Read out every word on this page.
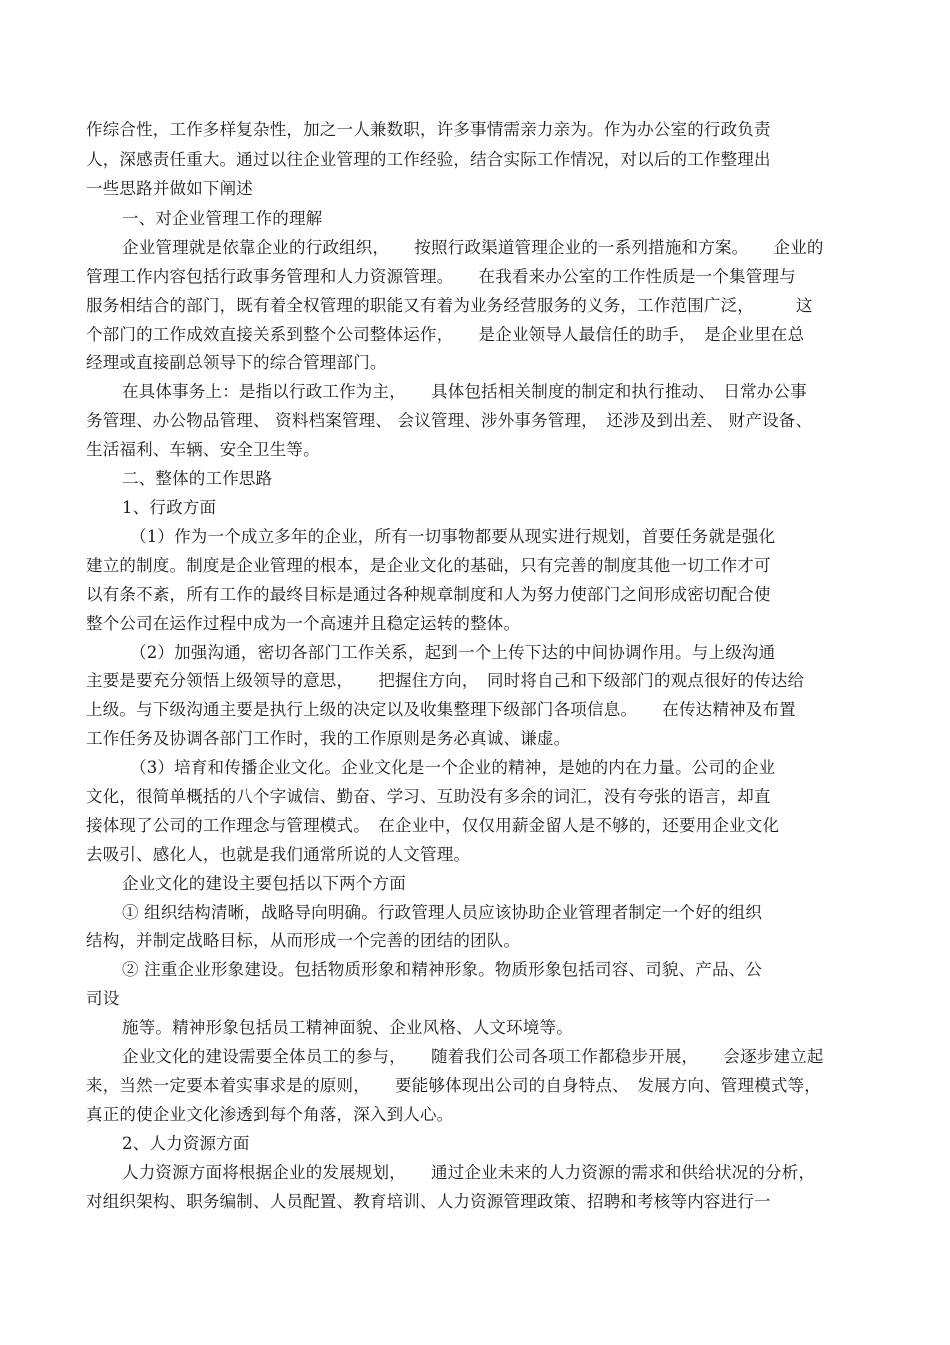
作综合性，工作多样复杂性，加之一人兼数职，许多事情需亲力亲为。作为办公室的行政负责
人，深感责任重大。通过以往企业管理的工作经验，结合实际工作情况，对以后的工作整理出
一些思路并做如下阐述
一、对企业管理工作的理解
企业管理就是依靠企业的行政组织，　　按照行政渠道管理企业的一系列措施和方案。　　企业的
管理工作内容包括行政事务管理和人力资源管理。　　在我看来办公室的工作性质是一个集管理与
服务相结合的部门，既有着全权管理的职能又有着为业务经营服务的义务，工作范围广泛，　　　这
个部门的工作成效直接关系到整个公司整体运作，　　是企业领导人最信任的助手，　是企业里在总
经理或直接副总领导下的综合管理部门。
在具体事务上：是指以行政工作为主，　　具体包括相关制度的制定和执行推动、　日常办公事
务管理、办公物品管理、 资料档案管理、 会议管理、涉外事务管理，　还涉及到出差、 财产设备、
生活福利、车辆、安全卫生等。
二、整体的工作思路
1、行政方面
（1）作为一个成立多年的企业，所有一切事物都要从现实进行规划，首要任务就是强化
建立的制度。制度是企业管理的根本，是企业文化的基础，只有完善的制度其他一切工作才可
以有条不紊，所有工作的最终目标是通过各种规章制度和人为努力使部门之间形成密切配合使
整个公司在运作过程中成为一个高速并且稳定运转的整体。
（2）加强沟通，密切各部门工作关系，起到一个上传下达的中间协调作用。与上级沟通
主要是要充分领悟上级领导的意思，　　把握住方向，　同时将自己和下级部门的观点很好的传达给
上级。与下级沟通主要是执行上级的决定以及收集整理下级部门各项信息。　　在传达精神及布置
工作任务及协调各部门工作时，我的工作原则是务必真诚、谦虚。
（3）培育和传播企业文化。企业文化是一个企业的精神，是她的内在力量。公司的企业
文化，很简单概括的八个字诚信、勤奋、学习、互助没有多余的词汇，没有夸张的语言，却直
接体现了公司的工作理念与管理模式。　在企业中，仅仅用薪金留人是不够的，还要用企业文化
去吸引、感化人，也就是我们通常所说的人文管理。
企业文化的建设主要包括以下两个方面
① 组织结构清晰，战略导向明确。行政管理人员应该协助企业管理者制定一个好的组织
结构，并制定战略目标，从而形成一个完善的团结的团队。
② 注重企业形象建设。包括物质形象和精神形象。物质形象包括司容、司貌、产品、公
司设
施等。精神形象包括员工精神面貌、企业风格、人文环境等。
企业文化的建设需要全体员工的参与，　　随着我们公司各项工作都稳步开展，　　会逐步建立起
来，当然一定要本着实事求是的原则，　　要能够体现出公司的自身特点、　发展方向、管理模式等，
真正的使企业文化渗透到每个角落，深入到人心。
2、人力资源方面
人力资源方面将根据企业的发展规划，　　通过企业未来的人力资源的需求和供给状况的分析，
对组织架构、职务编制、人员配置、教育培训、人力资源管理政策、招聘和考核等内容进行一
